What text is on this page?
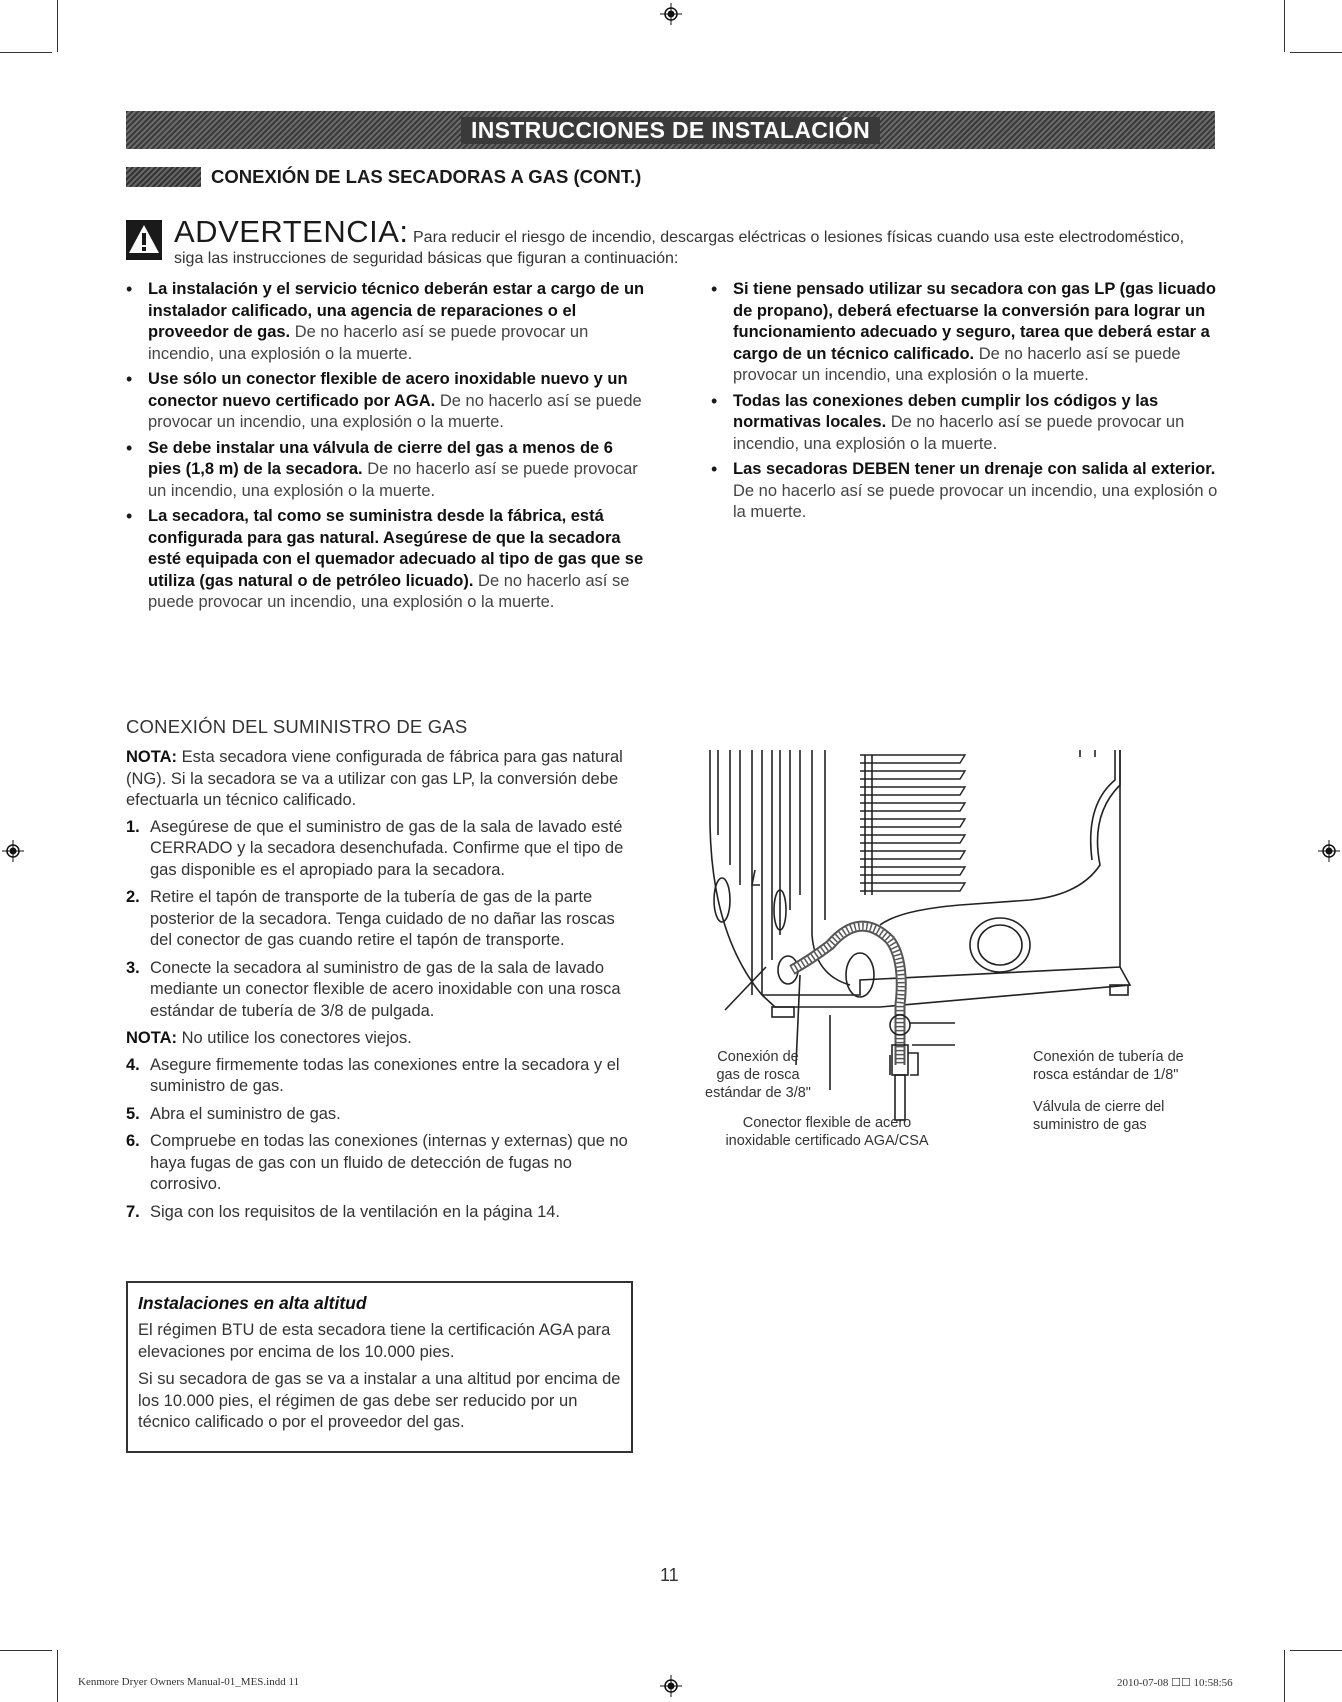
INSTRUCCIONES DE INSTALACIÓN
CONEXIÓN DE LAS SECADORAS A GAS (CONT.)
ADVERTENCIA: Para reducir el riesgo de incendio, descargas eléctricas o lesiones físicas cuando usa este electrodoméstico,
siga las instrucciones de seguridad básicas que figuran a continuación:
• La instalación y el servicio técnico deberán estar a cargo de un instalador calificado, una agencia de reparaciones o el proveedor de gas. De no hacerlo así se puede provocar un incendio, una explosión o la muerte.
• Use sólo un conector flexible de acero inoxidable nuevo y un conector nuevo certificado por AGA. De no hacerlo así se puede provocar un incendio, una explosión o la muerte.
• Se debe instalar una válvula de cierre del gas a menos de 6 pies (1,8 m) de la secadora. De no hacerlo así se puede provocar un incendio, una explosión o la muerte.
• La secadora, tal como se suministra desde la fábrica, está configurada para gas natural. Asegúrese de que la secadora esté equipada con el quemador adecuado al tipo de gas que se utiliza (gas natural o de petróleo licuado). De no hacerlo así se puede provocar un incendio, una explosión o la muerte.
• Si tiene pensado utilizar su secadora con gas LP (gas licuado de propano), deberá efectuarse la conversión para lograr un funcionamiento adecuado y seguro, tarea que deberá estar a cargo de un técnico calificado. De no hacerlo así se puede provocar un incendio, una explosión o la muerte.
• Todas las conexiones deben cumplir los códigos y las normativas locales. De no hacerlo así se puede provocar un incendio, una explosión o la muerte.
• Las secadoras DEBEN tener un drenaje con salida al exterior. De no hacerlo así se puede provocar un incendio, una explosión o la muerte.
CONEXIÓN DEL SUMINISTRO DE GAS

NOTA: Esta secadora viene configurada de fábrica para gas natural (NG). Si la secadora se va a utilizar con gas LP, la conversión debe efectuarla un técnico calificado.

1. Asegúrese de que el suministro de gas de la sala de lavado esté CERRADO y la secadora desenchufada. Confirme que el tipo de gas disponible es el apropiado para la secadora.
2. Retire el tapón de transporte de la tubería de gas de la parte posterior de la secadora. Tenga cuidado de no dañar las roscas del conector de gas cuando retire el tapón de transporte.
3. Conecte la secadora al suministro de gas de la sala de lavado mediante un conector flexible de acero inoxidable con una rosca estándar de tubería de 3/8 de pulgada.

NOTA: No utilice los conectores viejos.

4. Asegure firmemente todas las conexiones entre la secadora y el suministro de gas.
5. Abra el suministro de gas.
6. Compruebe en todas las conexiones (internas y externas) que no haya fugas de gas con un fluido de detección de fugas no corrosivo.
7. Siga con los requisitos de la ventilación en la página 14.
Instalaciones en alta altitud

El régimen BTU de esta secadora tiene la certificación AGA para elevaciones por encima de los 10.000 pies.

Si su secadora de gas se va a instalar a una altitud por encima de los 10.000 pies, el régimen de gas debe ser reducido por un técnico calificado o por el proveedor del gas.

Conexión de
gas de rosca
estándar de 3/8"
Conector flexible de acero
inoxidable certificado AGA/CSA
Conexión de tubería de
rosca estándar de 1/8"
Válvula de cierre del
suministro de gas
11
Kenmore Dryer Owners Manual-01_MES.indd 11	2010-07-08 ☐☐ 10:58:56
